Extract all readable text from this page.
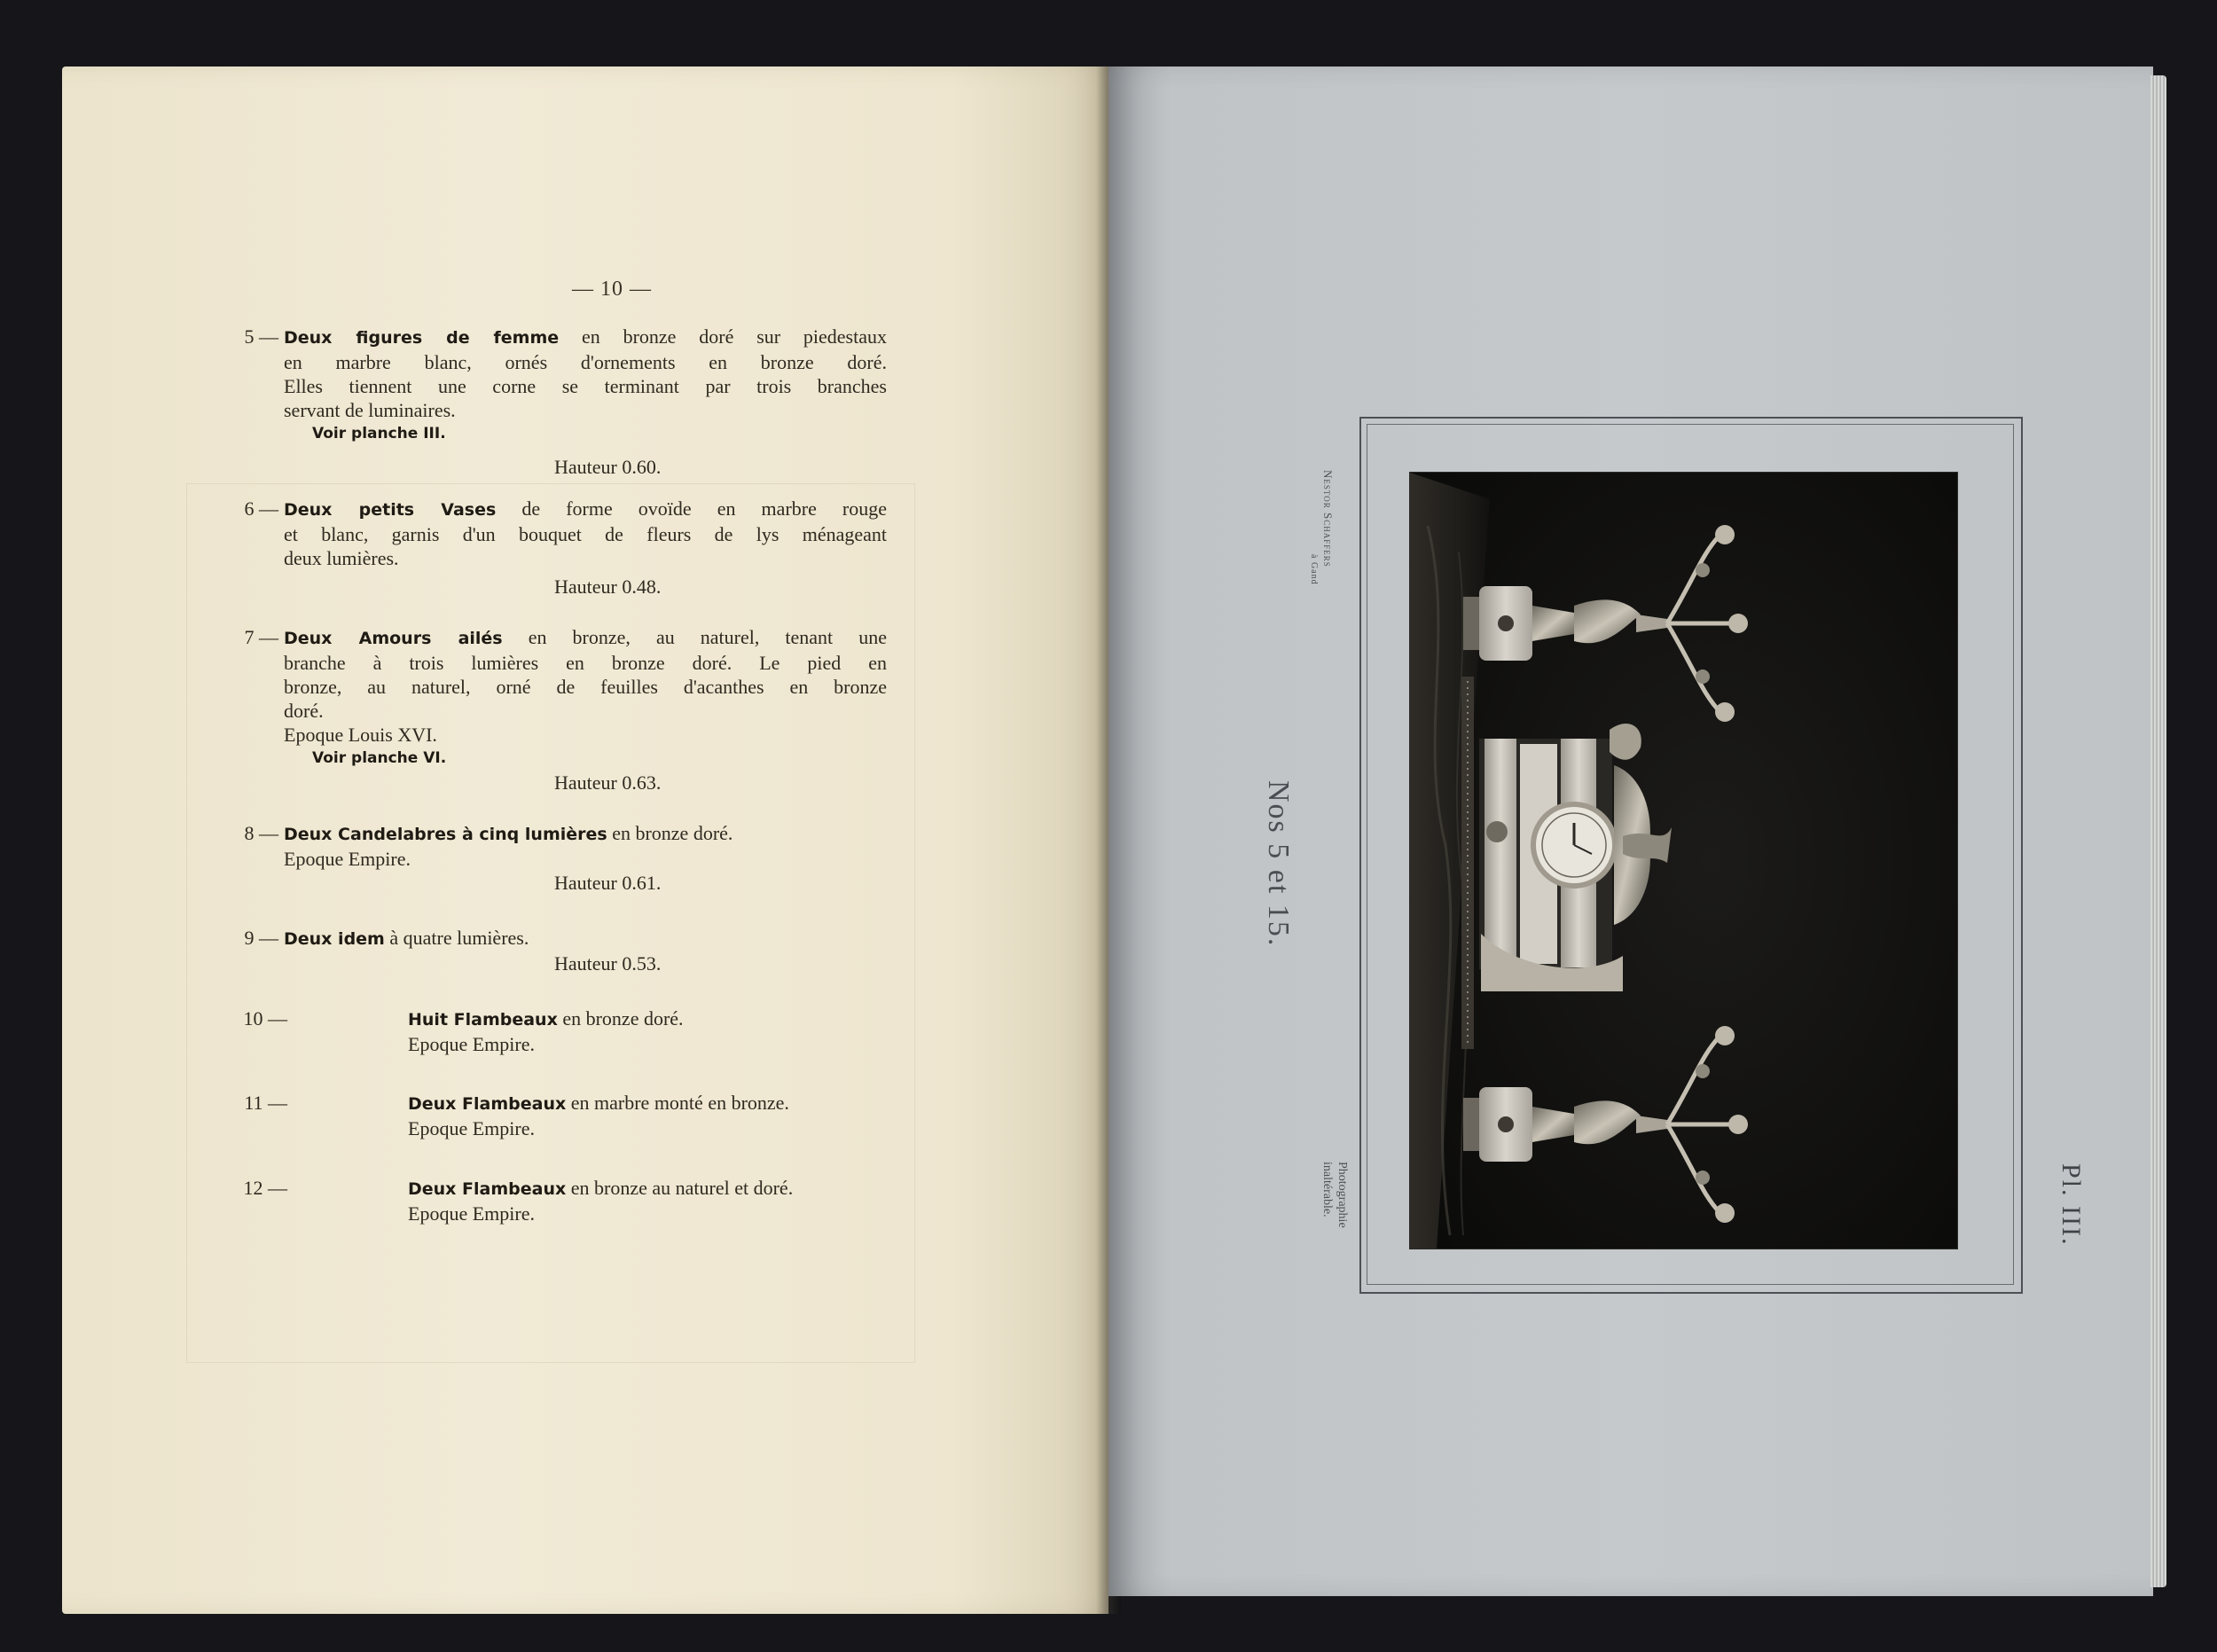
— 10 —
5 — Deux figures de femme en bronze doré sur piedestaux
en marbre blanc, ornés d'ornements en bronze doré.
Elles tiennent une corne se terminant par trois branches
servant de luminaires.
Voir planche III.
Hauteur 0.60.
6 — Deux petits Vases de forme ovoïde en marbre rouge
et blanc, garnis d'un bouquet de fleurs de lys ménageant
deux lumières.
Hauteur 0.48.
7 — Deux Amours ailés en bronze, au naturel, tenant une
branche à trois lumières en bronze doré. Le pied en
bronze, au naturel, orné de feuilles d'acanthes en bronze
doré.
Epoque Louis XVI.
Voir planche VI.
Hauteur 0.63.
8 — Deux Candelabres à cinq lumières en bronze doré.
Epoque Empire.
Hauteur 0.61.
9 — Deux idem à quatre lumières.
Hauteur 0.53.
10 —	Huit Flambeaux en bronze doré.
Epoque Empire.
11 —	Deux Flambeaux en marbre monté en bronze.
Epoque Empire.
12 —	Deux Flambeaux en bronze au naturel et doré.
Epoque Empire.
Nestor Schaffers
à Gand
Nos 5 et 15.
Photographie
inaltérable.	Pl. III.
